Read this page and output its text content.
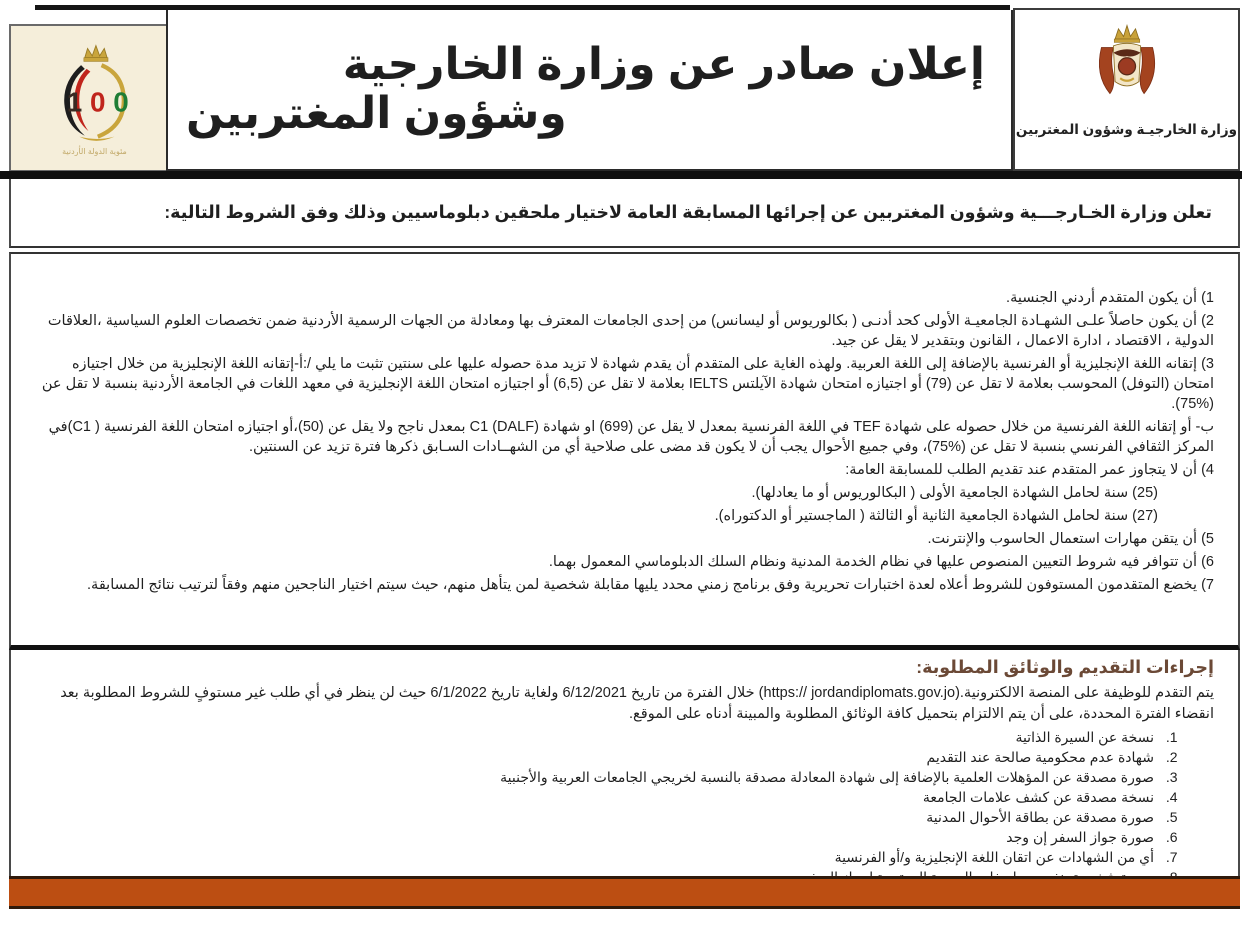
1 0 0
مئوية الدولة الأردنية
إعلان صادر عن وزارة الخارجية
وشؤون المغتربين	وزارة الخارجيـة وشؤون المغتربين
تعلن وزارة الخـارجـــية وشؤون المغتربين عن إجرائها المسابقة العامة لاختيار ملحقين دبلوماسيين وذلك وفق الشروط التالية:
1) أن يكون المتقدم أردني الجنسية.
2) أن يكون حاصلاً علـى الشهـادة الجامعيـة الأولى كحد أدنـى ( بكالوريوس أو ليسانس) من إحدى الجامعات المعترف بها ومعادلة من الجهات الرسمية الأردنية ضمن تخصصات العلوم السياسية ،العلاقات الدولية ، الاقتصاد ، ادارة الاعمال ، القانون وبتقدير لا يقل عن جيد.
3) إتقانه اللغة الإنجليزية أو الفرنسية بالإضافة إلى اللغة العربية. ولهذه الغاية على المتقدم أن يقدم شهادة لا تزيد مدة حصوله عليها على سنتين تثبت ما يلي /:أ-إتقانه اللغة الإنجليزية من خلال اجتيازه امتحان (التوفل) المحوسب بعلامة لا تقل عن (79) أو اجتيازه امتحان شهادة الآيلتس IELTS بعلامة لا تقل عن (6,5) أو اجتيازه امتحان اللغة الإنجليزية في معهد اللغات في الجامعة الأردنية بنسبة لا تقل عن (%75).
ب- أو إتقانه اللغة الفرنسية من خلال حصوله على شهادة TEF في اللغة الفرنسية بمعدل لا يقل عن (699) او شهادة C1 (DALF) بمعدل ناجح ولا يقل عن (50)،أو اجتيازه امتحان اللغة الفرنسية ( C1)في المركز الثقافي الفرنسي بنسبة لا تقل عن (%75)، وفي جميع الأحوال يجب أن لا يكون قد مضى على صلاحية أي من الشهــادات السـابق ذكرها فترة تزيد عن السنتين.
4) أن لا يتجاوز عمر المتقدم عند تقديم الطلب للمسابقة العامة:
(25) سنة لحامل الشهادة الجامعية الأولى ( البكالوريوس أو ما يعادلها).
(27) سنة لحامل الشهادة الجامعية الثانية أو الثالثة ( الماجستير أو الدكتوراه).
5) أن يتقن مهارات استعمال الحاسوب والإنترنت.
6) أن تتوافر فيه شروط التعيين المنصوص عليها في نظام الخدمة المدنية ونظام السلك الدبلوماسي المعمول بهما.
7) يخضع المتقدمون المستوفون للشروط أعلاه لعدة اختبارات تحريرية وفق برنامج زمني محدد يليها مقابلة شخصية لمن يتأهل منهم، حيث سيتم اختيار الناجحين منهم وفقاً لترتيب نتائج المسابقة.
إجراءات التقديم والوثائق المطلوبة:
يتم التقدم للوظيفة على المنصة الالكترونية.(https:// jordandiplomats.gov.jo) خلال الفترة من تاريخ 6/12/2021 ولغاية تاريخ 6/1/2022 حيث لن ينظر في أي طلب غير مستوفٍ للشروط المطلوبة بعد انقضاء الفترة المحددة، على أن يتم الالتزام بتحميل كافة الوثائق المطلوبة والمبينة أدناه على الموقع.
1. نسخة عن السيرة الذاتية
2. شهادة عدم محكومية صالحة عند التقديم
3. صورة مصدقة عن المؤهلات العلمية بالإضافة إلى شهادة المعادلة مصدقة بالنسبة لخريجي الجامعات العربية والأجنبية
4. نسخة مصدقة عن كشف علامات الجامعة
5. صورة مصدقة عن بطاقة الأحوال المدنية
6. صورة جواز السفر إن وجد
7. أي من الشهادات عن اتقان اللغة الإنجليزية و/أو الفرنسية
8.
